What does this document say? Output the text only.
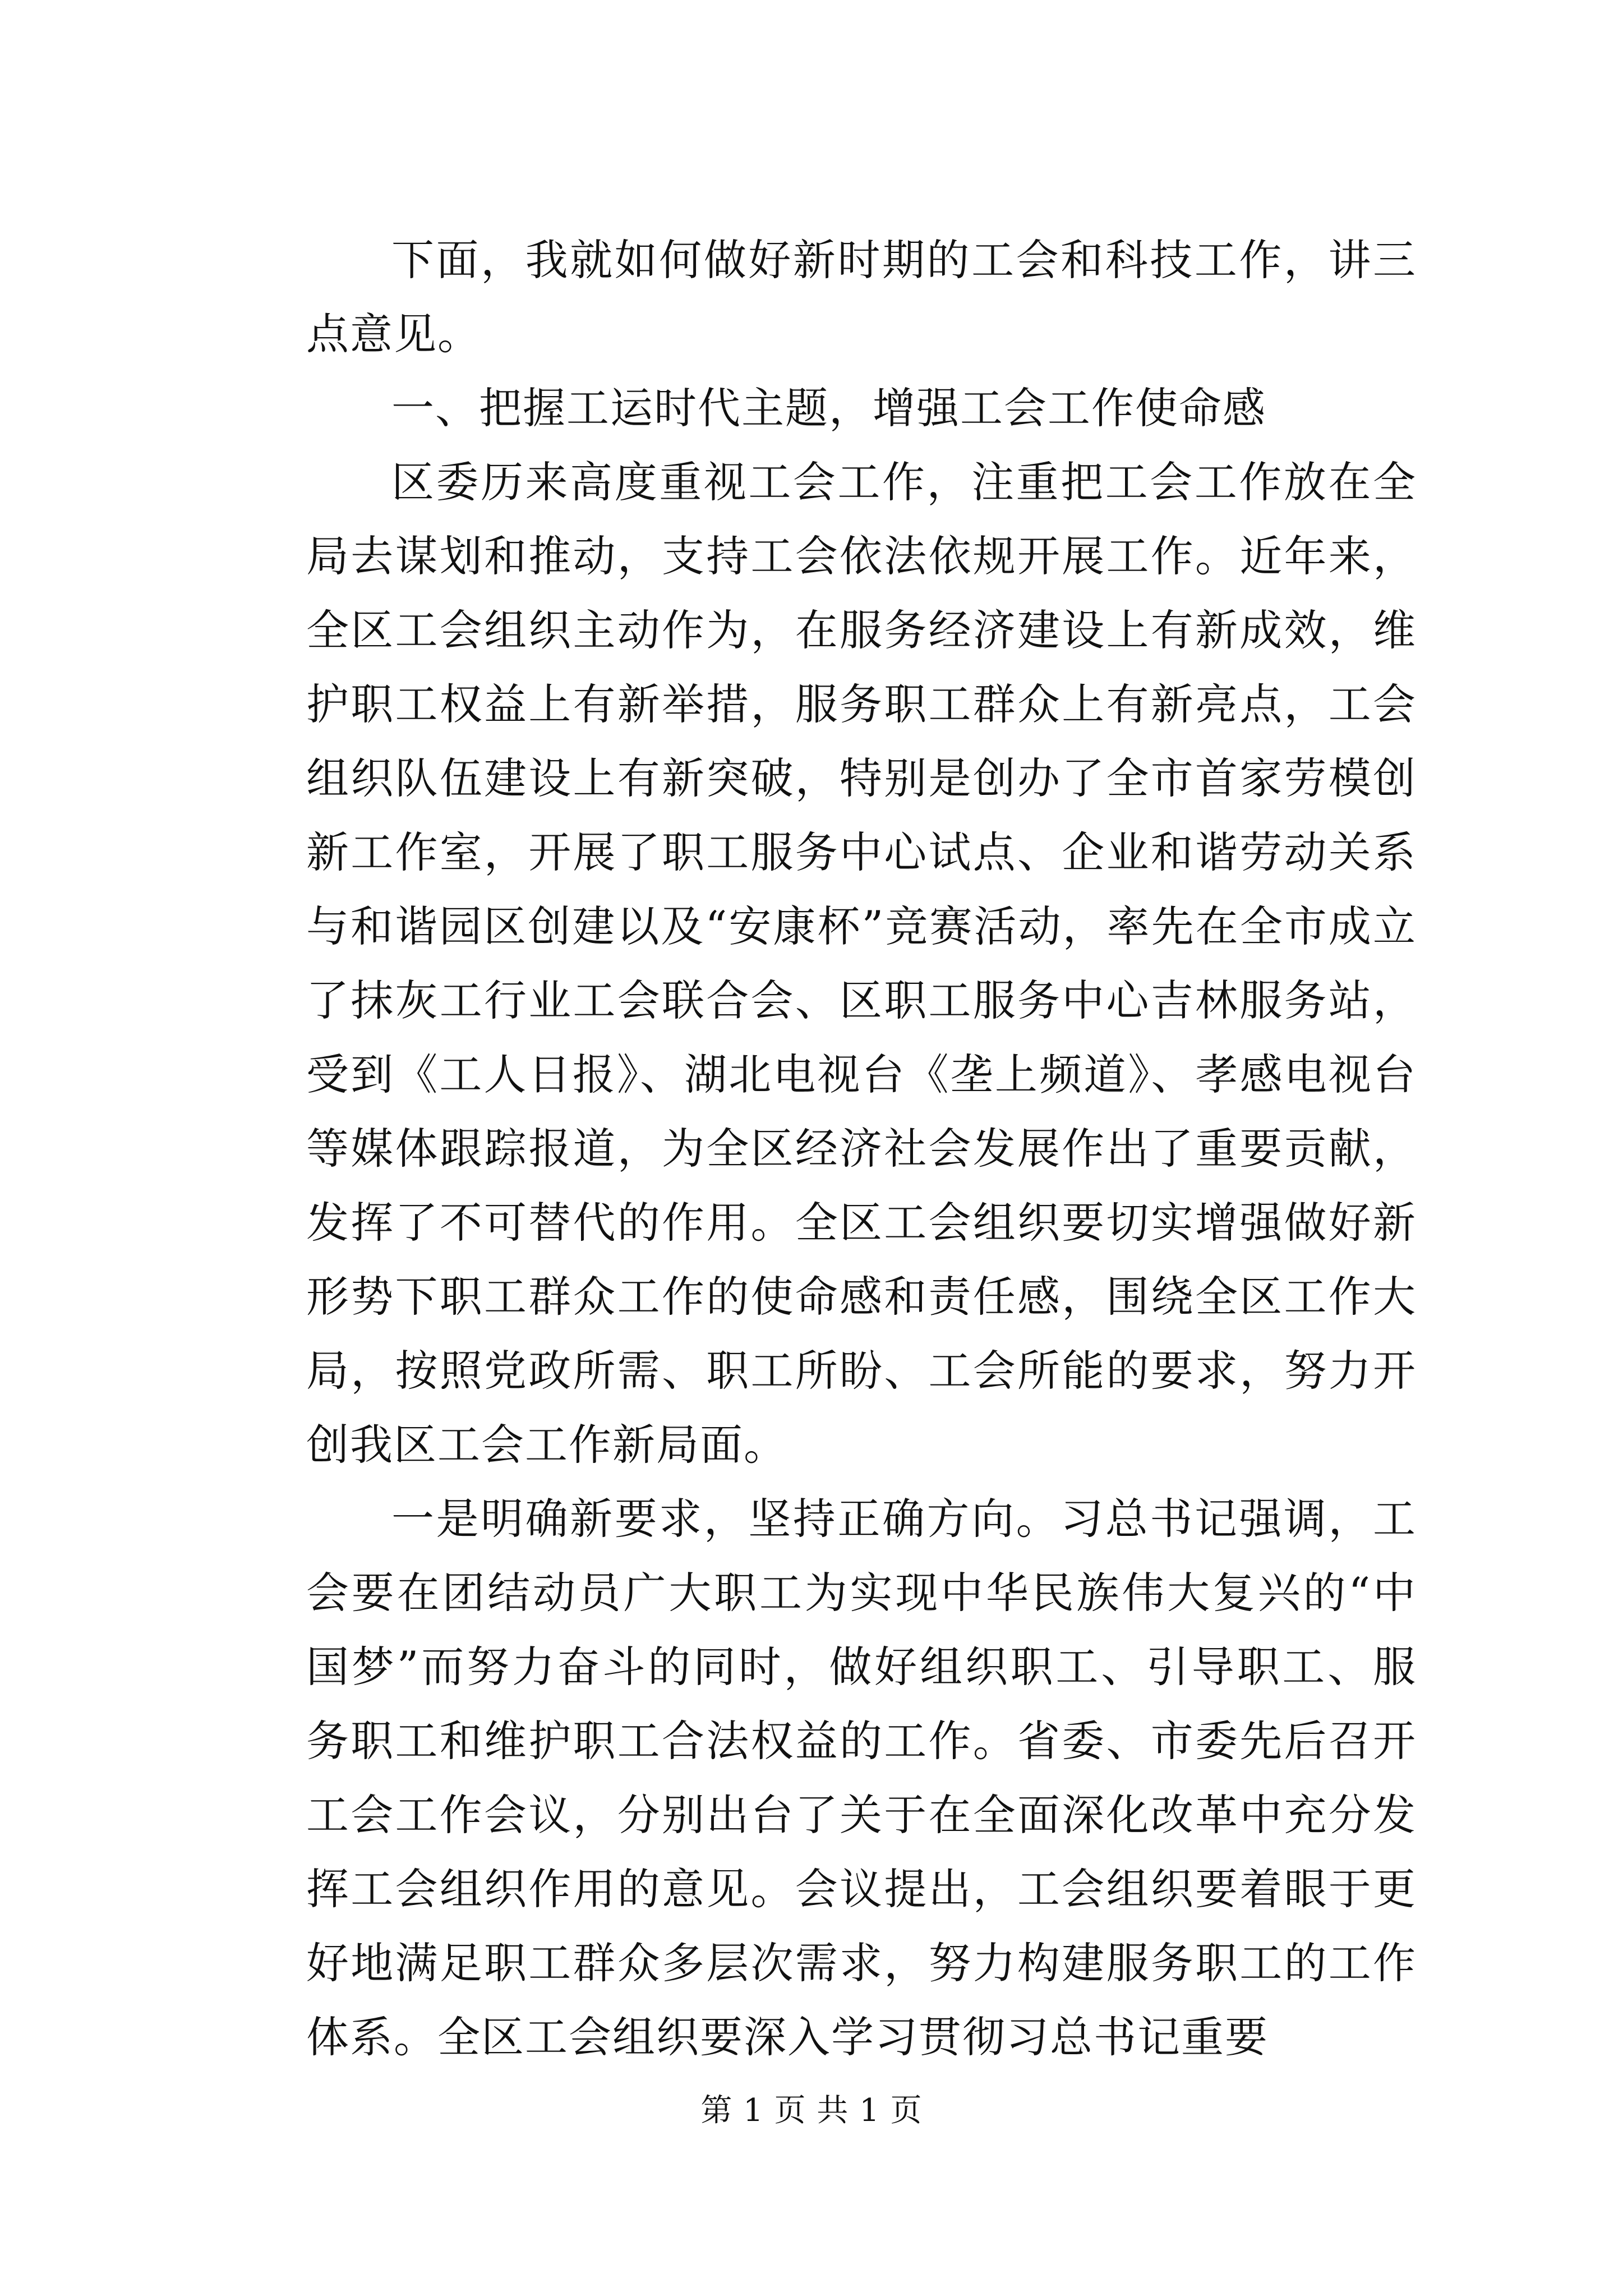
下面，我就如何做好新时期的工会和科技工作，讲三点意见。

一、把握工运时代主题，增强工会工作使命感

区委历来高度重视工会工作，注重把工会工作放在全局去谋划和推动，支持工会依法依规开展工作。近年来，全区工会组织主动作为，在服务经济建设上有新成效，维护职工权益上有新举措，服务职工群众上有新亮点，工会组织队伍建设上有新突破，特别是创办了全市首家劳模创新工作室，开展了职工服务中心试点、企业和谐劳动关系与和谐园区创建以及“安康杯”竞赛活动，率先在全市成立了抹灰工行业工会联合会、区职工服务中心吉林服务站，受到《工人日报》、湖北电视台《垄上频道》、孝感电视台等媒体跟踪报道，为全区经济社会发展作出了重要贡献，发挥了不可替代的作用。全区工会组织要切实增强做好新形势下职工群众工作的使命感和责任感，围绕全区工作大局，按照党政所需、职工所盼、工会所能的要求，努力开创我区工会工作新局面。

一是明确新要求，坚持正确方向。习总书记强调，工会要在团结动员广大职工为实现中华民族伟大复兴的“中国梦”而努力奋斗的同时，做好组织职工、引导职工、服务职工和维护职工合法权益的工作。省委、市委先后召开工会工作会议，分别出台了关于在全面深化改革中充分发挥工会组织作用的意见。会议提出，工会组织要着眼于更好地满足职工群众多层次需求，努力构建服务职工的工作体系。全区工会组织要深入学习贯彻习总书记重要

第 1 页 共 1 页
